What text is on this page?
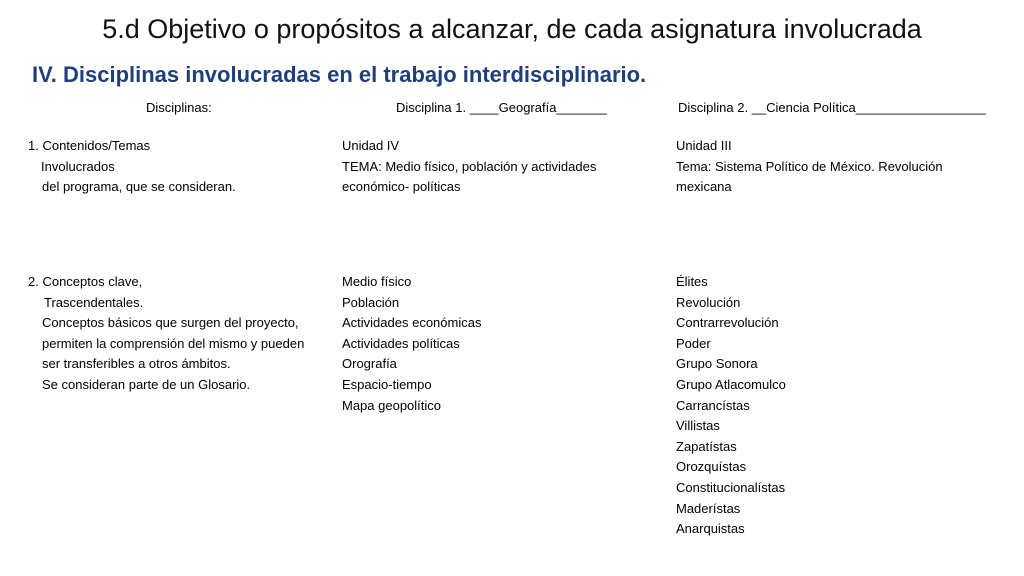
5.d Objetivo o propósitos a alcanzar, de cada asignatura involucrada
IV. Disciplinas involucradas en el trabajo interdisciplinario.
Disciplinas:	Disciplina 1. ____Geografía_______	Disciplina 2. __Ciencia Política__________________
1. Contenidos/Temas
Involucrados
del programa, que se consideran.
Unidad IV
TEMA: Medio físico, población y actividades
económico- políticas
Unidad III
Tema: Sistema Político de México. Revolución
mexicana
2. Conceptos clave,
Trascendentales.
Conceptos básicos que surgen del proyecto,
permiten la comprensión del mismo y pueden
ser transferibles a otros ámbitos.
Se consideran parte de un Glosario.
Medio físico
Población
Actividades económicas
Actividades políticas
Orografía
Espacio-tiempo
Mapa geopolítico
Élites
Revolución
Contrarrevolución
Poder
Grupo Sonora
Grupo Atlacomulco
Carrancístas
Villistas
Zapatístas
Orozquístas
Constitucionalístas
Maderístas
Anarquistas
